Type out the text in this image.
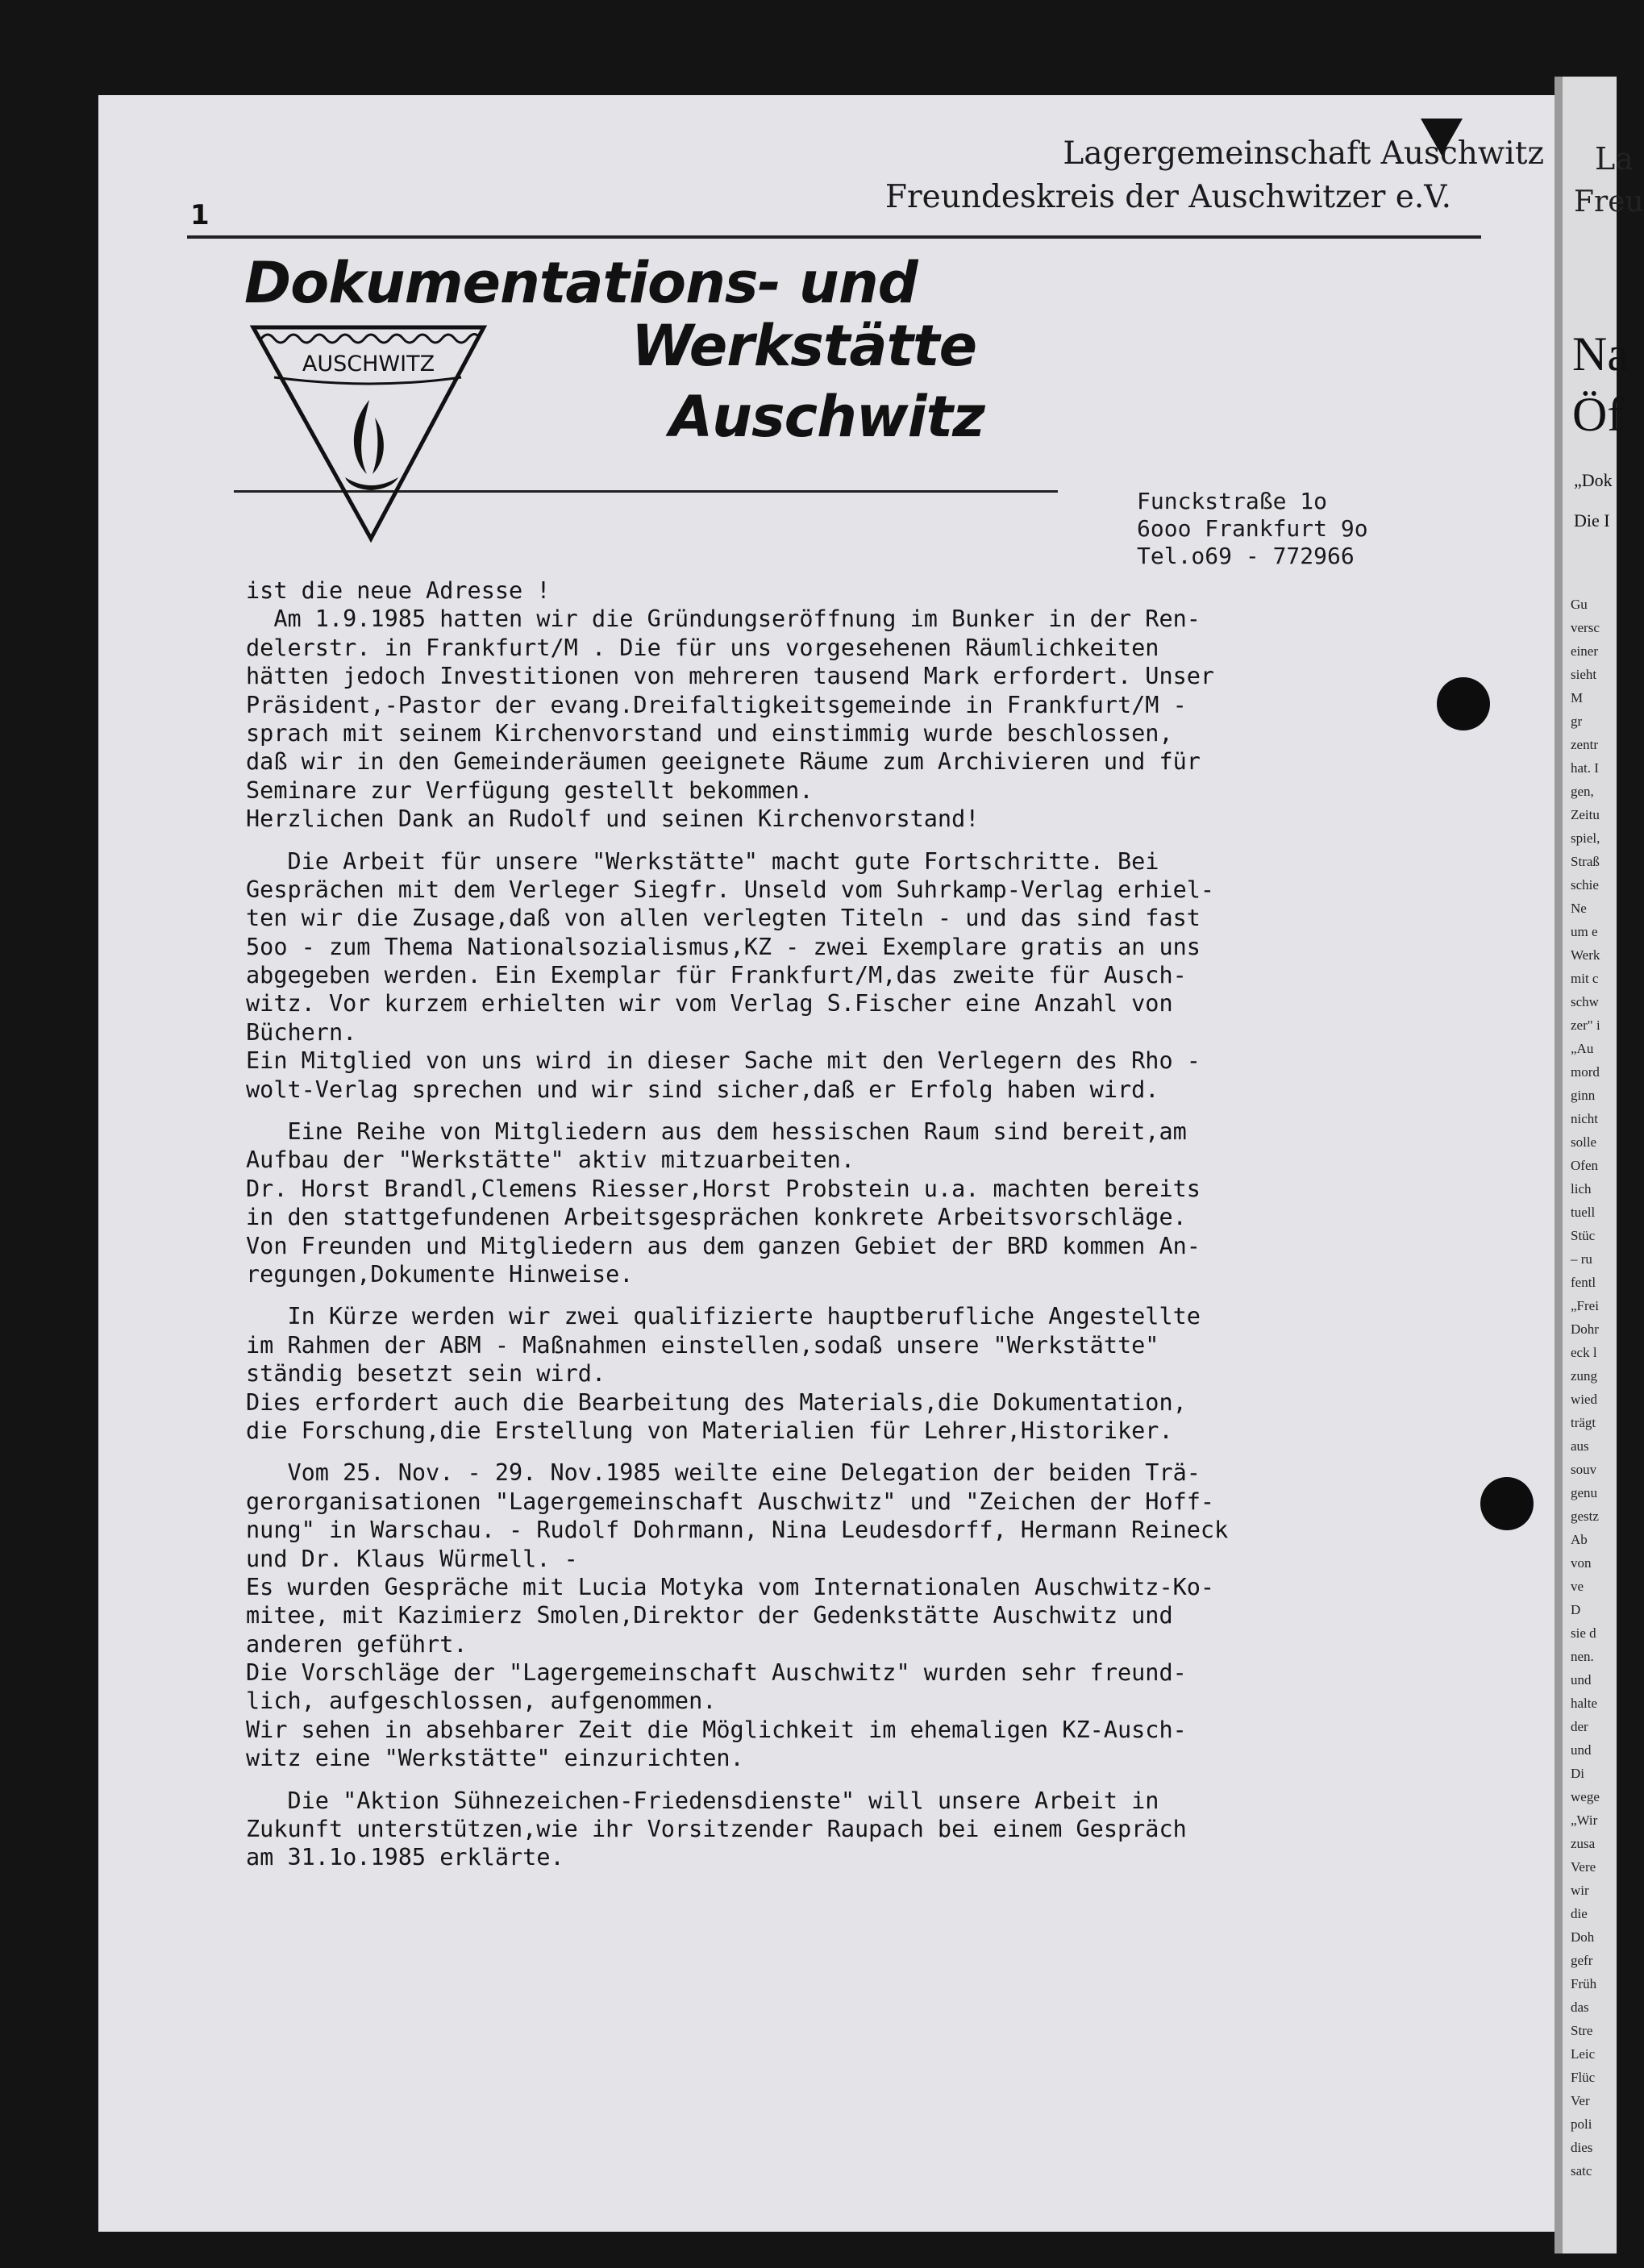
La
Freu
Na
Öf
„Dok
Die I
Gu
versc
einer
sieht
M
gr
zentr
hat. I
gen,
Zeitu
spiel,
Straß
schie
Ne
um e
Werk
mit c
schw
zer" i
„Au
mord
ginn
nicht
solle
Ofen
lich
tuell
Stüc
– ru
fentl
„Frei
Dohr
eck l
zung
wied
trägt
aus
souv
genu
gestz
Ab
von
ve
D
sie d
nen.
und
halte
der
und
Di
wege
„Wir
zusa
Vere
wir
die
Doh
gefr
Früh
das
Stre
Leic
Flüc
Ver
poli
dies
satc
Lagergemeinschaft Auschwitz
Freundeskreis der Auschwitzer e.V.
1
Dokumentations- und
Werkstätte
Auschwitz
AUSCHWITZ
Funckstraße 1o
6ooo Frankfurt 9o
Tel.o69 - 772966
ist die neue Adresse !
Am 1.9.1985 hatten wir die Gründungseröffnung im Bunker in der Ren-
delerstr. in Frankfurt/M . Die für uns vorgesehenen Räumlichkeiten
hätten jedoch Investitionen von mehreren tausend Mark erfordert. Unser
Präsident,-Pastor der evang.Dreifaltigkeitsgemeinde in Frankfurt/M -
sprach mit seinem Kirchenvorstand und einstimmig wurde beschlossen,
daß wir in den Gemeinderäumen geeignete Räume zum Archivieren und für
Seminare zur Verfügung gestellt bekommen.
Herzlichen Dank an Rudolf und seinen Kirchenvorstand!
Die Arbeit für unsere "Werkstätte" macht gute Fortschritte. Bei
Gesprächen mit dem Verleger Siegfr. Unseld vom Suhrkamp-Verlag erhiel-
ten wir die Zusage,daß von allen verlegten Titeln - und das sind fast
5oo - zum Thema Nationalsozialismus,KZ - zwei Exemplare gratis an uns
abgegeben werden. Ein Exemplar für Frankfurt/M,das zweite für Ausch-
witz. Vor kurzem erhielten wir vom Verlag S.Fischer eine Anzahl von
Büchern.
Ein Mitglied von uns wird in dieser Sache mit den Verlegern des Rho -
wolt-Verlag sprechen und wir sind sicher,daß er Erfolg haben wird.
Eine Reihe von Mitgliedern aus dem hessischen Raum sind bereit,am
Aufbau der "Werkstätte" aktiv mitzuarbeiten.
Dr. Horst Brandl,Clemens Riesser,Horst Probstein u.a. machten bereits
in den stattgefundenen Arbeitsgesprächen konkrete Arbeitsvorschläge.
Von Freunden und Mitgliedern aus dem ganzen Gebiet der BRD kommen An-
regungen,Dokumente Hinweise.
In Kürze werden wir zwei qualifizierte hauptberufliche Angestellte
im Rahmen der ABM - Maßnahmen einstellen,sodaß unsere "Werkstätte"
ständig besetzt sein wird.
Dies erfordert auch die Bearbeitung des Materials,die Dokumentation,
die Forschung,die Erstellung von Materialien für Lehrer,Historiker.
Vom 25. Nov. - 29. Nov.1985 weilte eine Delegation der beiden Trä-
gerorganisationen "Lagergemeinschaft Auschwitz" und "Zeichen der Hoff-
nung" in Warschau. - Rudolf Dohrmann, Nina Leudesdorff, Hermann Reineck
und Dr. Klaus Würmell. -
Es wurden Gespräche mit Lucia Motyka vom Internationalen Auschwitz-Ko-
mitee, mit Kazimierz Smolen,Direktor der Gedenkstätte Auschwitz und
anderen geführt.
Die Vorschläge der "Lagergemeinschaft Auschwitz" wurden sehr freund-
lich, aufgeschlossen, aufgenommen.
Wir sehen in absehbarer Zeit die Möglichkeit im ehemaligen KZ-Ausch-
witz eine "Werkstätte" einzurichten.
Die "Aktion Sühnezeichen-Friedensdienste" will unsere Arbeit in
Zukunft unterstützen,wie ihr Vorsitzender Raupach bei einem Gespräch
am 31.1o.1985 erklärte.
